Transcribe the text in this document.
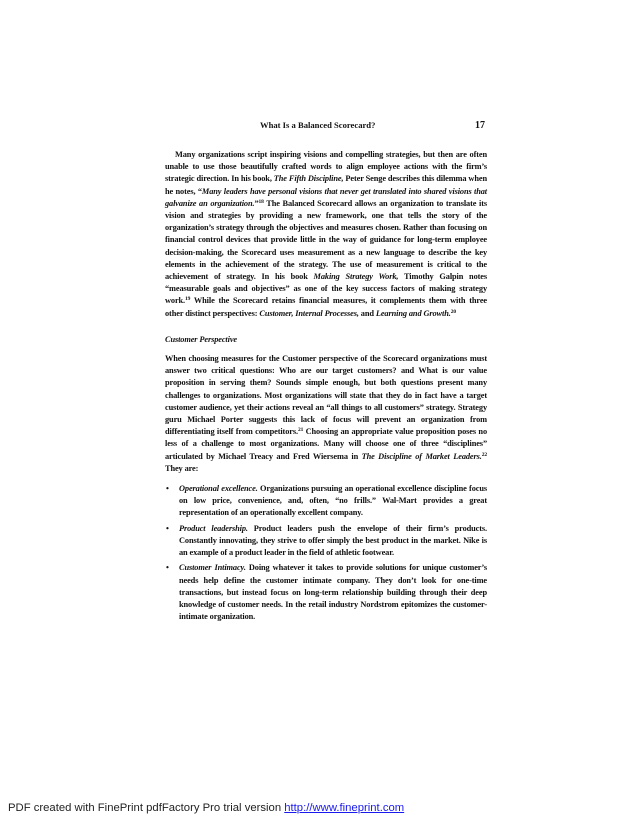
What Is a Balanced Scorecard?	17

Many organizations script inspiring visions and compelling strategies, but then are often unable to use those beautifully crafted words to align employee actions with the firm’s strategic direction. In his book, The Fifth Discipline, Peter Senge describes this dilemma when he notes, “Many leaders have personal visions that never get translated into shared visions that galvanize an organization.”$^{18}$ The Balanced Scorecard allows an organization to translate its vision and strategies by providing a new framework, one that tells the story of the organization’s strategy through the objectives and measures chosen. Rather than focusing on financial control devices that provide little in the way of guidance for long-term employee decision-making, the Scorecard uses measurement as a new language to describe the key elements in the achievement of the strategy. The use of measurement is critical to the achievement of strategy. In his book Making Strategy Work, Timothy Galpin notes “measurable goals and objectives” as one of the key success factors of making strategy work.$^{19}$ While the Scorecard retains financial measures, it complements them with three other distinct perspectives: Customer, Internal Processes, and Learning and Growth.$^{20}$

Customer Perspective

When choosing measures for the Customer perspective of the Scorecard organizations must answer two critical questions: Who are our target customers? and What is our value proposition in serving them? Sounds simple enough, but both questions present many challenges to organizations. Most organizations will state that they do in fact have a target customer audience, yet their actions reveal an “all things to all customers” strategy. Strategy guru Michael Porter suggests this lack of focus will prevent an organization from differentiating itself from competitors.$^{21}$ Choosing an appropriate value proposition poses no less of a challenge to most organizations. Many will choose one of three “disciplines” articulated by Michael Treacy and Fred Wiersema in The Discipline of Market Leaders.$^{22}$ They are:

• Operational excellence. Organizations pursuing an operational excellence discipline focus on low price, convenience, and, often, “no frills.” Wal-Mart provides a great representation of an operationally excellent company.
• Product leadership. Product leaders push the envelope of their firm’s products. Constantly innovating, they strive to offer simply the best product in the market. Nike is an example of a product leader in the field of athletic footwear.
• Customer Intimacy. Doing whatever it takes to provide solutions for unique customer’s needs help define the customer intimate company. They don’t look for one-time transactions, but instead focus on long-term relationship building through their deep knowledge of customer needs. In the retail industry Nordstrom epitomizes the customer-intimate organization.
PDF created with FinePrint pdfFactory Pro trial version http://www.fineprint.com
